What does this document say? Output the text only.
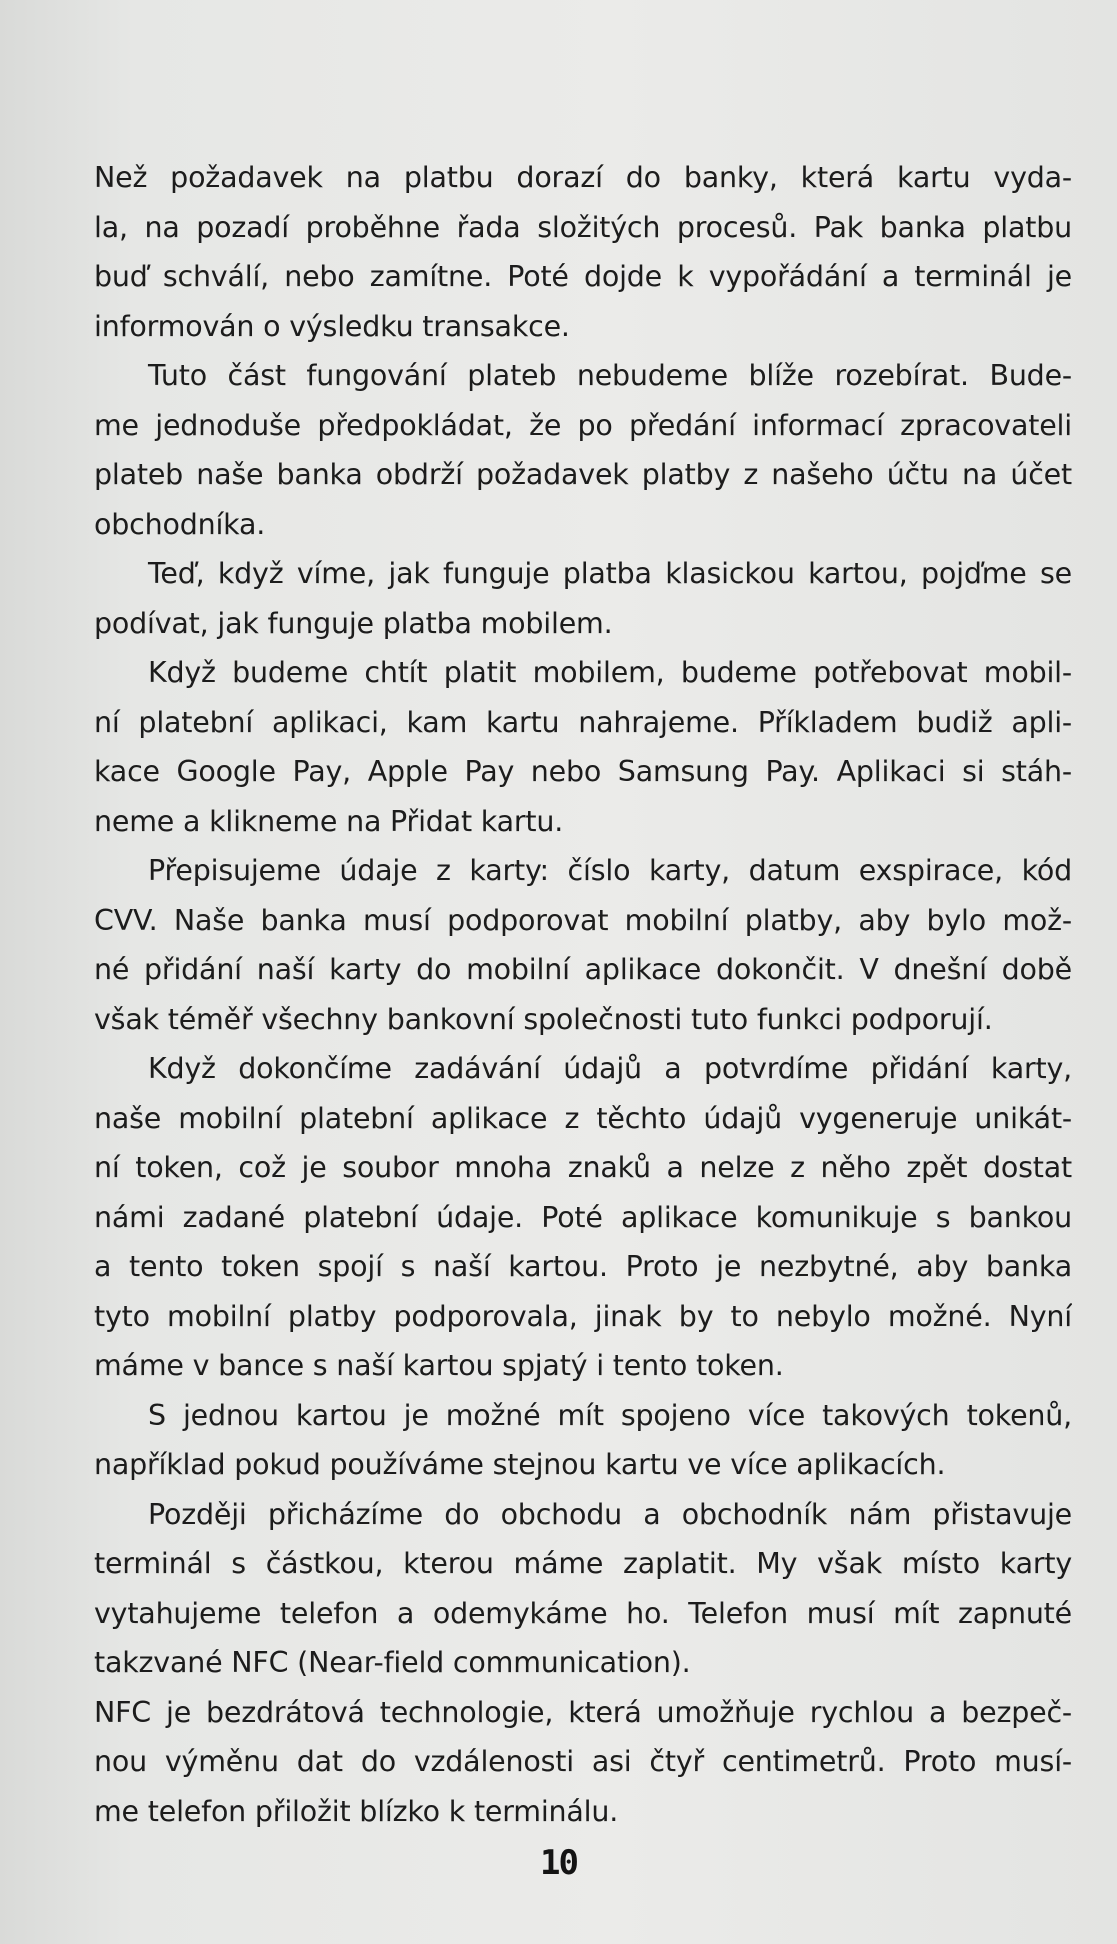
Než požadavek na platbu dorazí do banky, která kartu vyda-
la, na pozadí proběhne řada složitých procesů. Pak banka platbu
buď schválí, nebo zamítne. Poté dojde k vypořádání a terminál je
informován o výsledku transakce.
Tuto část fungování plateb nebudeme blíže rozebírat. Bude-
me jednoduše předpokládat, že po předání informací zpracovateli
plateb naše banka obdrží požadavek platby z našeho účtu na účet
obchodníka.
Teď, když víme, jak funguje platba klasickou kartou, pojďme se
podívat, jak funguje platba mobilem.
Když budeme chtít platit mobilem, budeme potřebovat mobil-
ní platební aplikaci, kam kartu nahrajeme. Příkladem budiž apli-
kace Google Pay, Apple Pay nebo Samsung Pay. Aplikaci si stáh-
neme a klikneme na Přidat kartu.
Přepisujeme údaje z karty: číslo karty, datum exspirace, kód
CVV. Naše banka musí podporovat mobilní platby, aby bylo mož-
né přidání naší karty do mobilní aplikace dokončit. V dnešní době
však téměř všechny bankovní společnosti tuto funkci podporují.
Když dokončíme zadávání údajů a potvrdíme přidání karty,
naše mobilní platební aplikace z těchto údajů vygeneruje unikát-
ní token, což je soubor mnoha znaků a nelze z něho zpět dostat
námi zadané platební údaje. Poté aplikace komunikuje s bankou
a tento token spojí s naší kartou. Proto je nezbytné, aby banka
tyto mobilní platby podporovala, jinak by to nebylo možné. Nyní
máme v bance s naší kartou spjatý i tento token.
S jednou kartou je možné mít spojeno více takových tokenů,
například pokud používáme stejnou kartu ve více aplikacích.
Později přicházíme do obchodu a obchodník nám přistavuje
terminál s částkou, kterou máme zaplatit. My však místo karty
vytahujeme telefon a odemykáme ho. Telefon musí mít zapnuté
takzvané NFC (Near-field communication).
NFC je bezdrátová technologie, která umožňuje rychlou a bezpeč-
nou výměnu dat do vzdálenosti asi čtyř centimetrů. Proto musí-
me telefon přiložit blízko k terminálu.
10
